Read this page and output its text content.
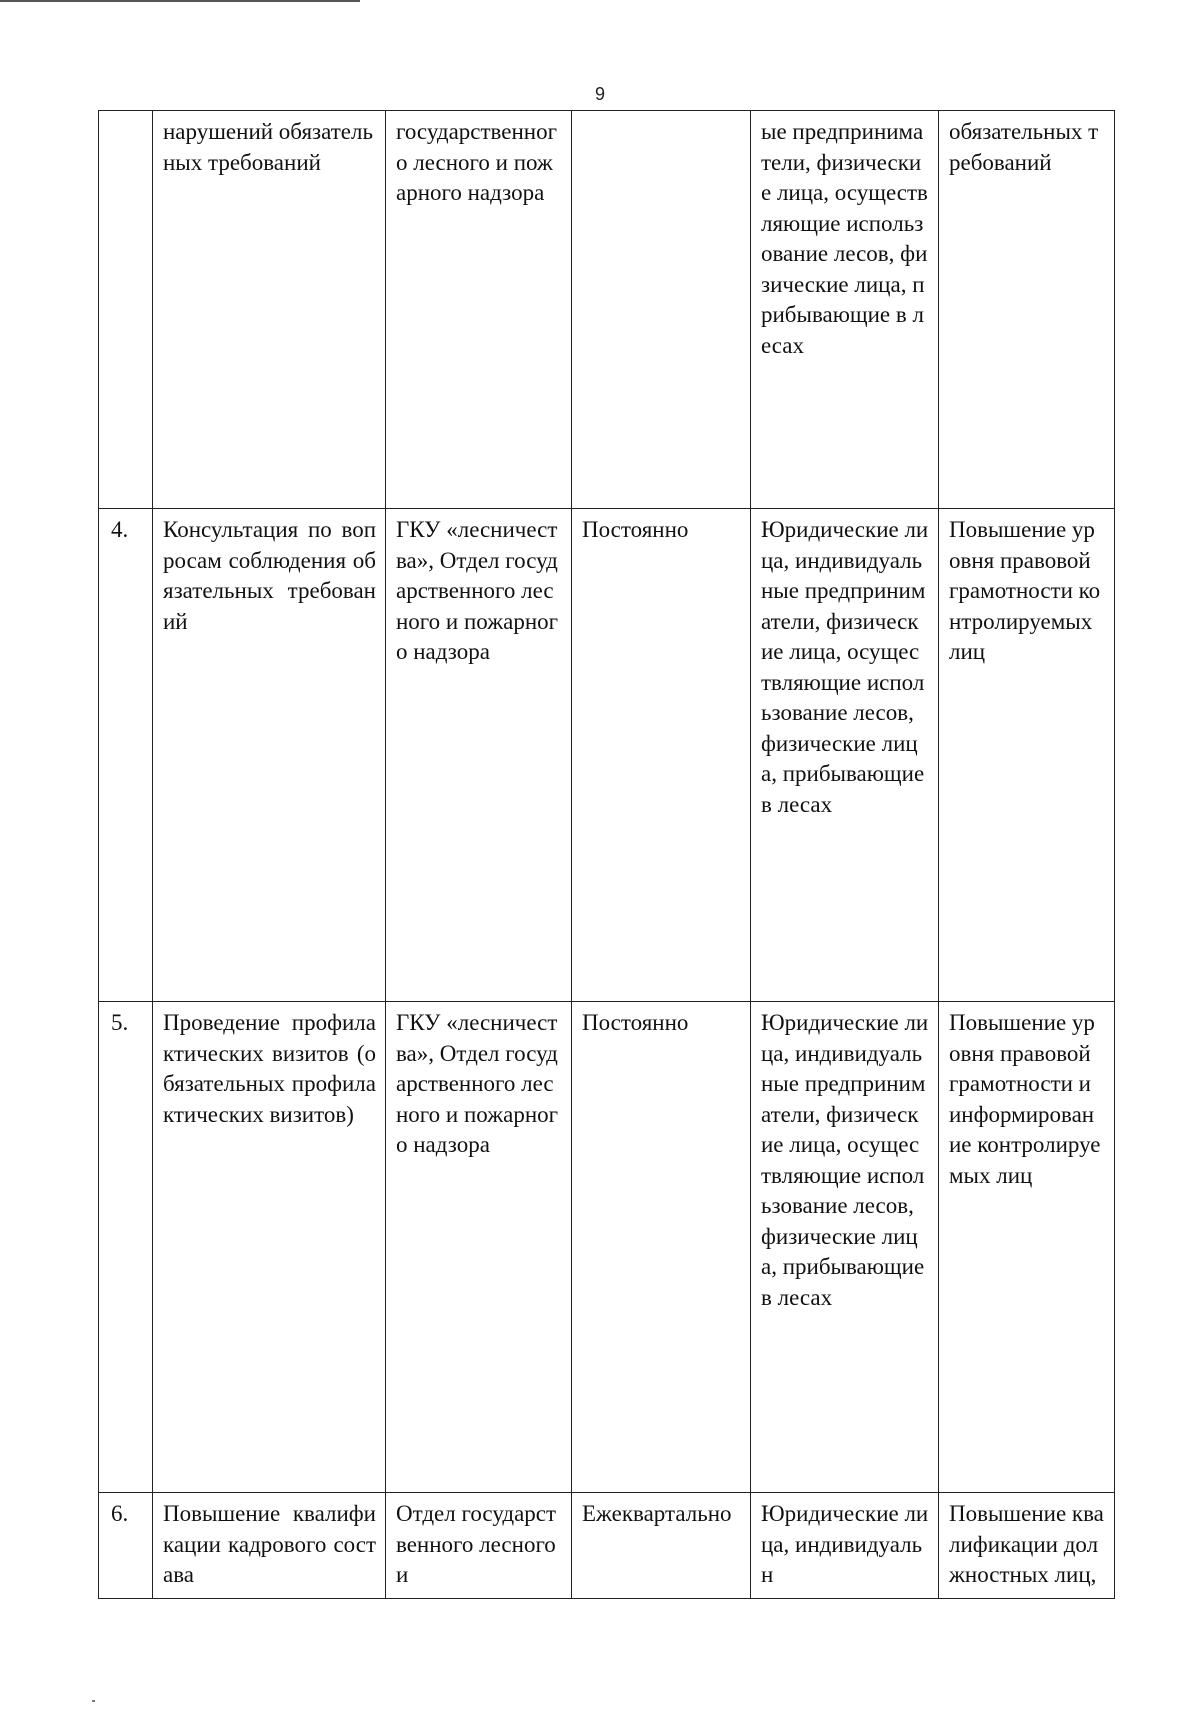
9
	нарушений обязательных требований	государственного лесного и пожарного надзора		ые предприниматели, физические лица, осуществляющие использование лесов, физические лица, прибывающие в лесах	обязательных требований
4.	Консультация по вопросам соблюдения обязательных требований	ГКУ «лесничества», Отдел государственного лесного и пожарного надзора	Постоянно	Юридические лица, индивидуальные предприниматели, физические лица, осуществляющие использование лесов, физические лица, прибывающие в лесах	Повышение уровня правовой грамотности контролируемых лиц
5.	Проведение профилактических визитов (обязательных профилактических визитов)	ГКУ «лесничества», Отдел государственного лесного и пожарного надзора	Постоянно	Юридические лица, индивидуальные предприниматели, физические лица, осуществляющие использование лесов, физические лица, прибывающие в лесах	Повышение уровня правовой грамотности и информирование контролируемых лиц
6.	Повышение квалификации кадрового состава	Отдел государственного лесного и	Ежеквартально	Юридические лица, индивидуальн	Повышение квалификации должностных лиц,
